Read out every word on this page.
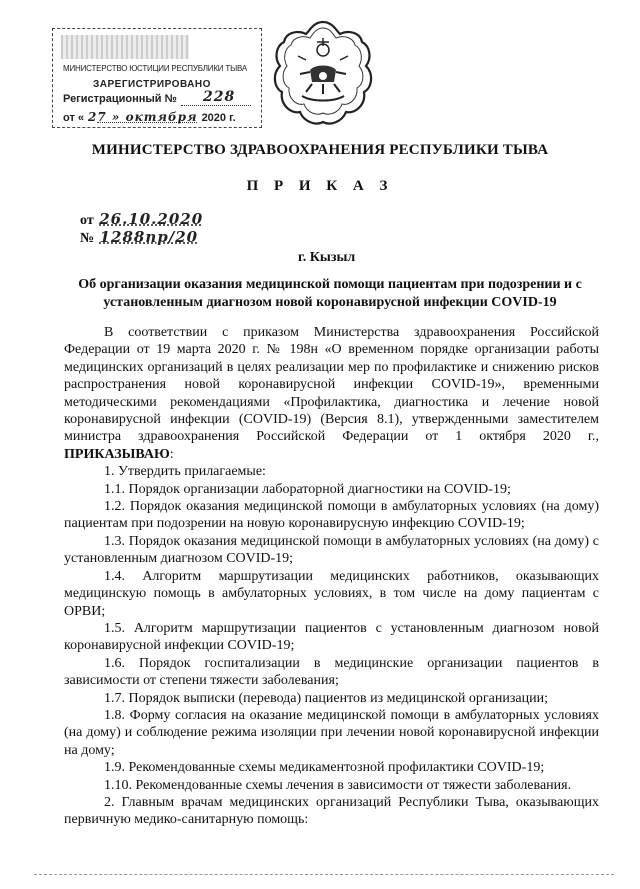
МИНИСТЕРСТВО ЮСТИЦИИ РЕСПУБЛИКИ ТЫВА
ЗАРЕГИСТРИРОВАНО
Регистрационный № 228
от « 27 » октября 2020 г.
МИНИСТЕРСТВО ЗДРАВООХРАНЕНИЯ РЕСПУБЛИКИ ТЫВА
П Р И К А З
от 26.10.2020
№ 1288пр/20
г. Кызыл
Об организации оказания медицинской помощи пациентам при подозрении и с установленным диагнозом новой коронавирусной инфекции COVID-19

В соответствии с приказом Министерства здравоохранения Российской Федерации от 19 марта 2020 г. № 198н «О временном порядке организации работы медицинских организаций в целях реализации мер по профилактике и снижению рисков распространения новой коронавирусной инфекции COVID-19», временными методическими рекомендациями «Профилактика, диагностика и лечение новой коронавирусной инфекции (COVID-19) (Версия 8.1), утвержденными заместителем министра здравоохранения Российской Федерации от 1 октября 2020 г., ПРИКАЗЫВАЮ:

1. Утвердить прилагаемые:

1.1. Порядок организации лабораторной диагностики на COVID-19;

1.2. Порядок оказания медицинской помощи в амбулаторных условиях (на дому) пациентам при подозрении на новую коронавирусную инфекцию COVID-19;

1.3. Порядок оказания медицинской помощи в амбулаторных условиях (на дому) с установленным диагнозом COVID-19;

1.4. Алгоритм маршрутизации медицинских работников, оказывающих медицинскую помощь в амбулаторных условиях, в том числе на дому пациентам с ОРВИ;

1.5. Алгоритм маршрутизации пациентов с установленным диагнозом новой коронавирусной инфекции COVID-19;

1.6. Порядок госпитализации в медицинские организации пациентов в зависимости от степени тяжести заболевания;

1.7. Порядок выписки (перевода) пациентов из медицинской организации;

1.8. Форму согласия на оказание медицинской помощи в амбулаторных условиях (на дому) и соблюдение режима изоляции при лечении новой коронавирусной инфекции на дому;

1.9. Рекомендованные схемы медикаментозной профилактики COVID-19;

1.10. Рекомендованные схемы лечения в зависимости от тяжести заболевания.

2. Главным врачам медицинских организаций Республики Тыва, оказывающих первичную медико-санитарную помощь:
